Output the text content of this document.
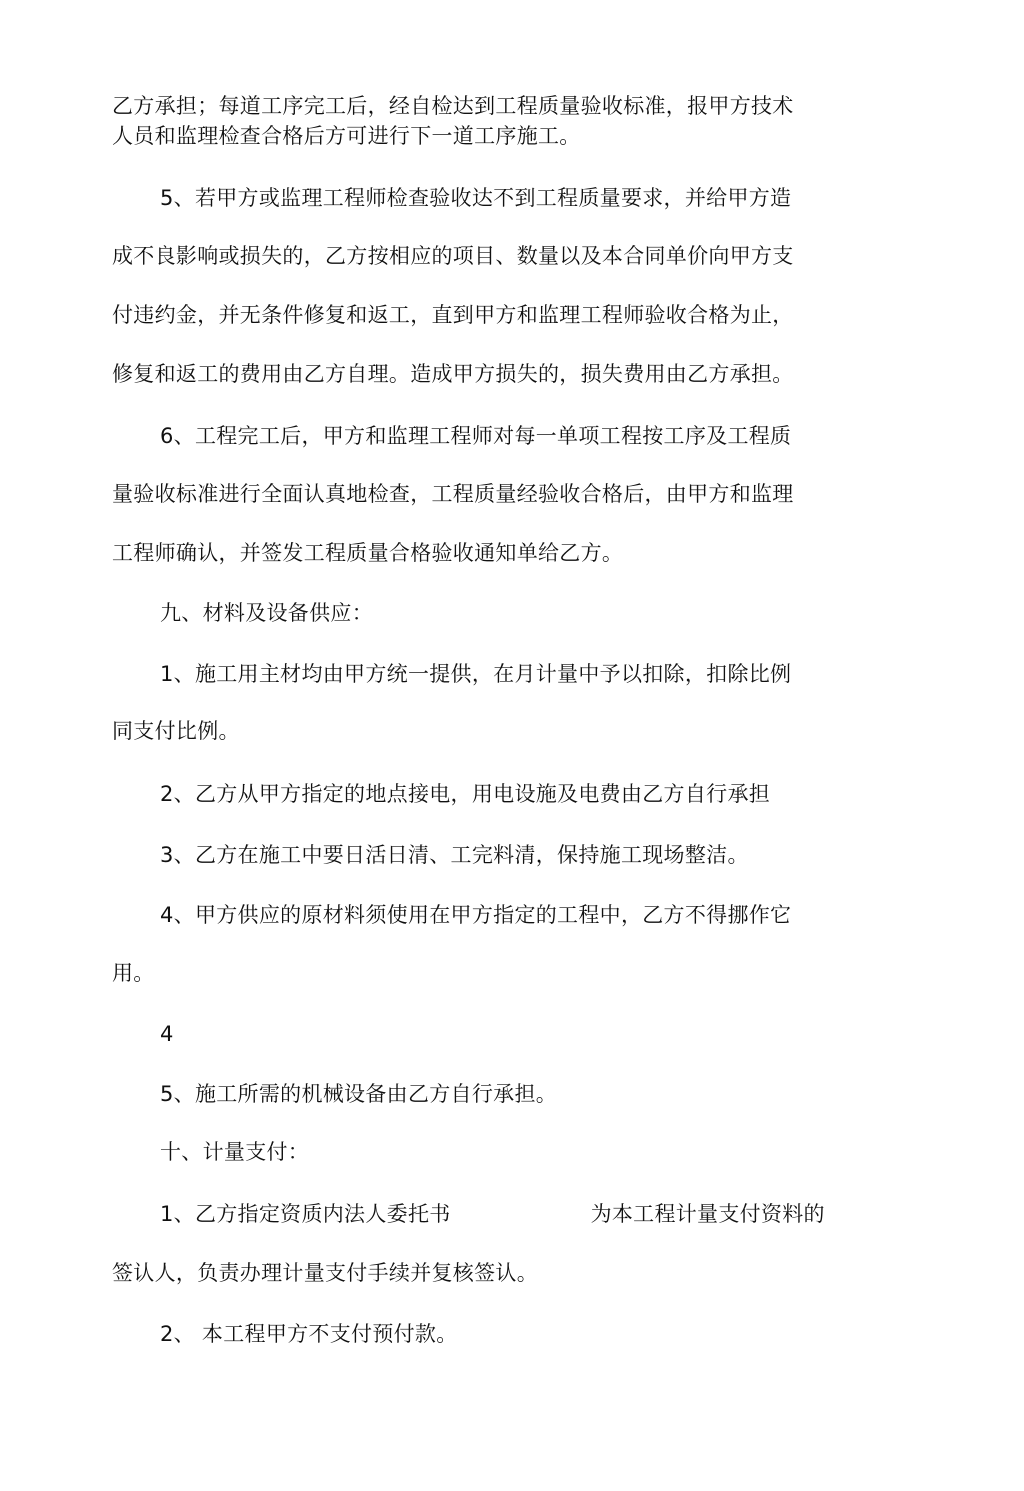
乙方承担；每道工序完工后，经自检达到工程质量验收标准，报甲方技术

人员和监理检查合格后方可进行下一道工序施工。

5、若甲方或监理工程师检查验收达不到工程质量要求，并给甲方造

成不良影响或损失的，乙方按相应的项目、数量以及本合同单价向甲方支

付违约金，并无条件修复和返工，直到甲方和监理工程师验收合格为止，

修复和返工的费用由乙方自理。造成甲方损失的，损失费用由乙方承担。

6、工程完工后，甲方和监理工程师对每一单项工程按工序及工程质

量验收标准进行全面认真地检查，工程质量经验收合格后，由甲方和监理

工程师确认，并签发工程质量合格验收通知单给乙方。

九、材料及设备供应：

1、施工用主材均由甲方统一提供，在月计量中予以扣除，扣除比例

同支付比例。

2、乙方从甲方指定的地点接电，用电设施及电费由乙方自行承担

3、乙方在施工中要日活日清、工完料清，保持施工现场整洁。

4、甲方供应的原材料须使用在甲方指定的工程中，乙方不得挪作它

用。

4

5、施工所需的机械设备由乙方自行承担。

十、计量支付：

1、乙方指定资质内法人委托书	为本工程计量支付资料的

签认人，负责办理计量支付手续并复核签认。

2、 本工程甲方不支付预付款。
